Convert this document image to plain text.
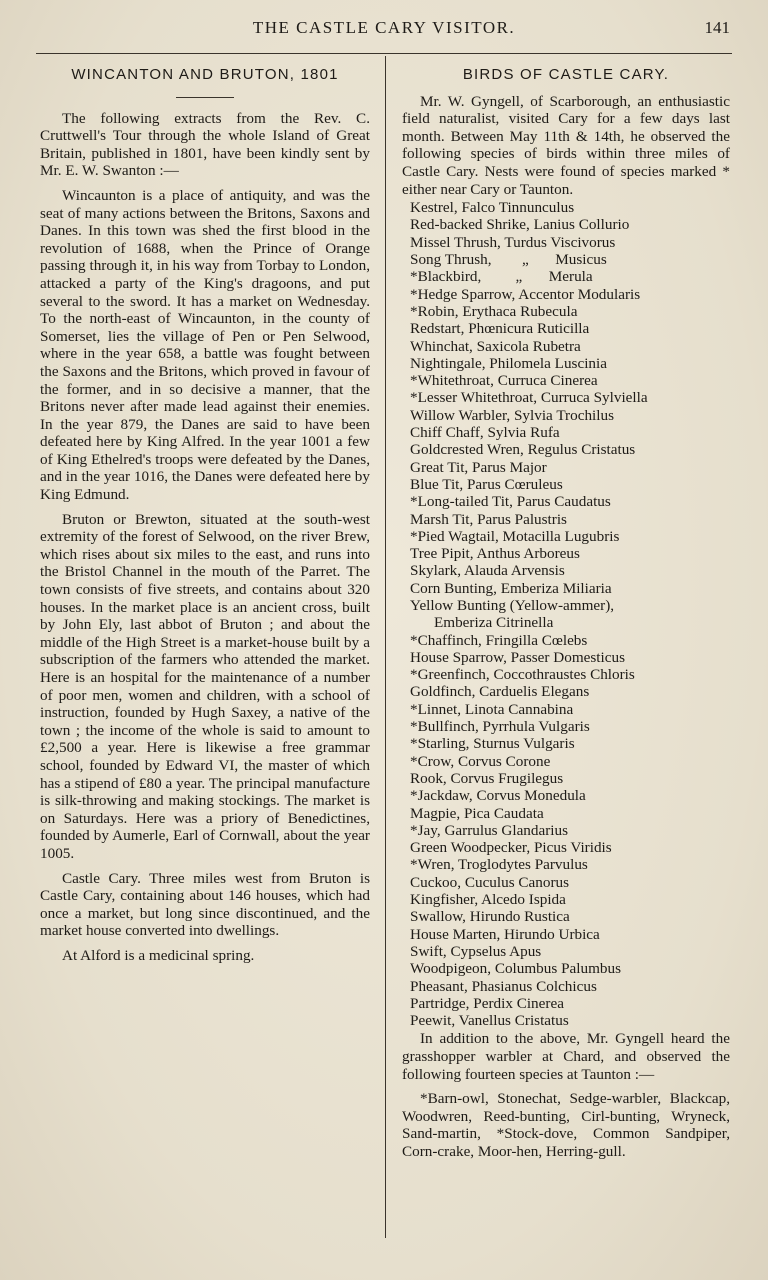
THE CASTLE CARY VISITOR.	141
WINCANTON AND BRUTON, 1801

The following extracts from the Rev. C. Cruttwell's Tour through the whole Island of Great Britain, published in 1801, have been kindly sent by Mr. E. W. Swanton :—

Wincaunton is a place of antiquity, and was the seat of many actions between the Britons, Saxons and Danes. In this town was shed the first blood in the revolution of 1688, when the Prince of Orange passing through it, in his way from Torbay to London, attacked a party of the King's dragoons, and put several to the sword. It has a market on Wednesday. To the north-east of Wincaunton, in the county of Somerset, lies the village of Pen or Pen Selwood, where in the year 658, a battle was fought between the Saxons and the Britons, which proved in favour of the former, and in so decisive a manner, that the Britons never after made lead against their enemies. In the year 879, the Danes are said to have been defeated here by King Alfred. In the year 1001 a few of King Ethelred's troops were defeated by the Danes, and in the year 1016, the Danes were defeated here by King Edmund.

Bruton or Brewton, situated at the south-west extremity of the forest of Selwood, on the river Brew, which rises about six miles to the east, and runs into the Bristol Channel in the mouth of the Parret. The town consists of five streets, and contains about 320 houses. In the market place is an ancient cross, built by John Ely, last abbot of Bruton ; and about the middle of the High Street is a market-house built by a subscription of the farmers who attended the market. Here is an hospital for the maintenance of a number of poor men, women and children, with a school of instruction, founded by Hugh Saxey, a native of the town ; the income of the whole is said to amount to £2,500 a year. Here is likewise a free grammar school, founded by Edward VI, the master of which has a stipend of £80 a year. The principal manufacture is silk-throwing and making stockings. The market is on Saturdays. Here was a priory of Benedictines, founded by Aumerle, Earl of Cornwall, about the year 1005.

Castle Cary. Three miles west from Bruton is Castle Cary, containing about 146 houses, which had once a market, but long since discontinued, and the market house converted into dwellings.

At Alford is a medicinal spring.

BIRDS OF CASTLE CARY.

Mr. W. Gyngell, of Scarborough, an enthusiastic field naturalist, visited Cary for a few days last month. Between May 11th & 14th, he observed the following species of birds within three miles of Castle Cary. Nests were found of species marked * either near Cary or Taunton.

Kestrel, Falco Tinnunculus
Red-backed Shrike, Lanius Collurio
Missel Thrush, Turdus Viscivorus
Song Thrush,        „       Musicus
*Blackbird,         „       Merula
*Hedge Sparrow, Accentor Modularis
*Robin, Erythaca Rubecula
Redstart, Phœnicura Ruticilla
Whinchat, Saxicola Rubetra
Nightingale, Philomela Luscinia
*Whitethroat, Curruca Cinerea
*Lesser Whitethroat, Curruca Sylviella
Willow Warbler, Sylvia Trochilus
Chiff Chaff, Sylvia Rufa
Goldcrested Wren, Regulus Cristatus
Great Tit, Parus Major
Blue Tit, Parus Cœruleus
*Long-tailed Tit, Parus Caudatus
Marsh Tit, Parus Palustris
*Pied Wagtail, Motacilla Lugubris
Tree Pipit, Anthus Arboreus
Skylark, Alauda Arvensis
Corn Bunting, Emberiza Miliaria
Yellow Bunting (Yellow-ammer),
Emberiza Citrinella
*Chaffinch, Fringilla Cœlebs
House Sparrow, Passer Domesticus
*Greenfinch, Coccothraustes Chloris
Goldfinch, Carduelis Elegans
*Linnet, Linota Cannabina
*Bullfinch, Pyrrhula Vulgaris
*Starling, Sturnus Vulgaris
*Crow, Corvus Corone
Rook, Corvus Frugilegus
*Jackdaw, Corvus Monedula
Magpie, Pica Caudata
*Jay, Garrulus Glandarius
Green Woodpecker, Picus Viridis
*Wren, Troglodytes Parvulus
Cuckoo, Cuculus Canorus
Kingfisher, Alcedo Ispida
Swallow, Hirundo Rustica
House Marten, Hirundo Urbica
Swift, Cypselus Apus
Woodpigeon, Columbus Palumbus
Pheasant, Phasianus Colchicus
Partridge, Perdix Cinerea
Peewit, Vanellus Cristatus

In addition to the above, Mr. Gyngell heard the grasshopper warbler at Chard, and observed the following fourteen species at Taunton :—

*Barn-owl, Stonechat, Sedge-warbler, Blackcap, Woodwren, Reed-bunting, Cirl-bunting, Wryneck, Sand-martin, *Stock-dove, Common Sandpiper, Corn-crake, Moor-hen, Herring-gull.
